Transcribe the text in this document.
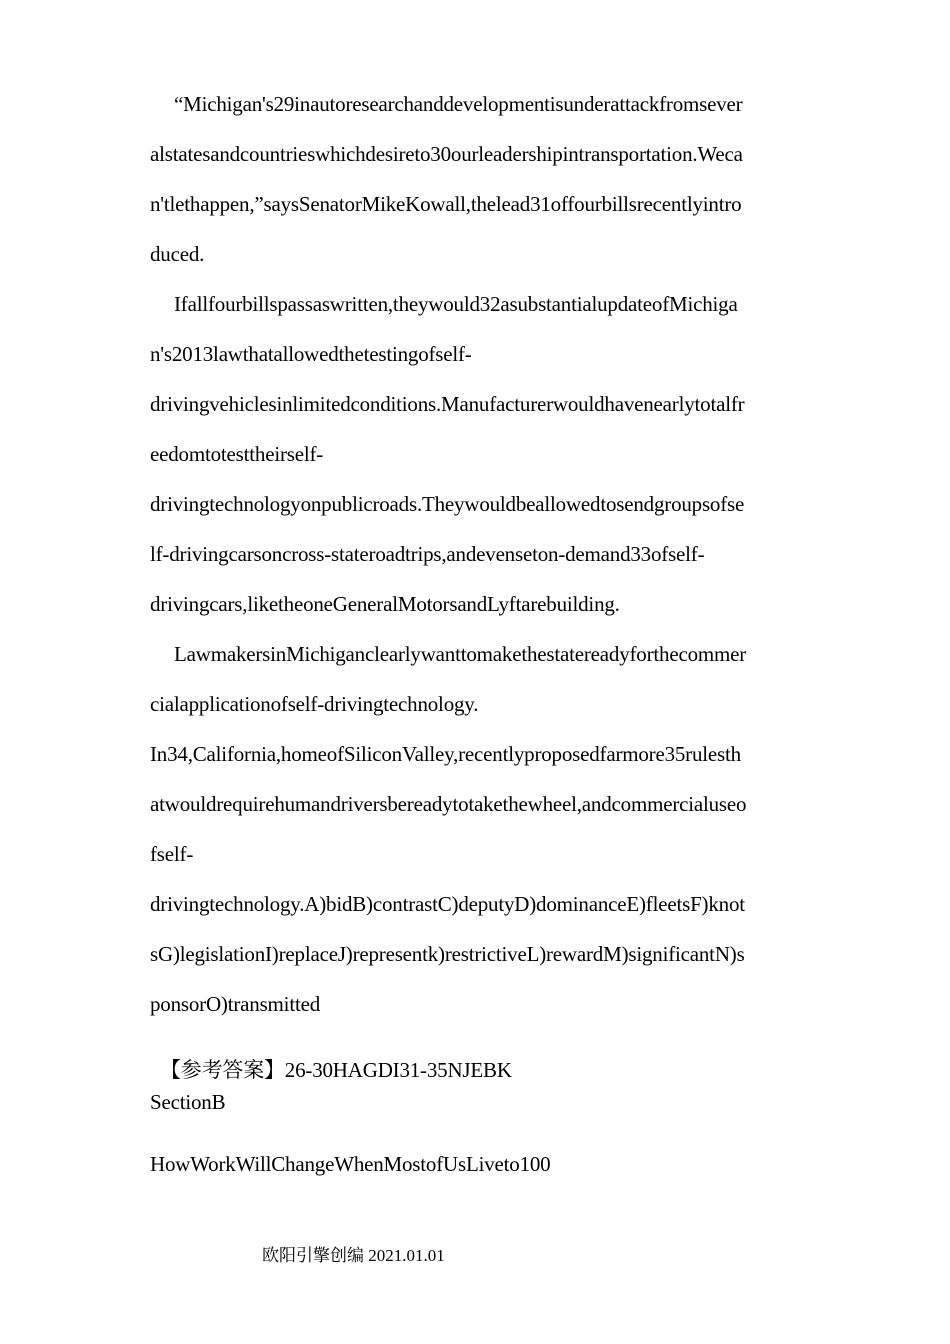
“Michigan's29inautoresearchanddevelopmentisunderattackfromsever
alstatesandcountrieswhichdesireto30ourleadershipintransportation.Weca
n'tlethappen,”saysSenatorMikeKowall,thelead31offourbillsrecentlyintro
duced.
Ifallfourbillspassaswritten,theywould32asubstantialupdateofMichiga
n's2013lawthatallowedthetestingofself-
drivingvehiclesinlimitedconditions.Manufacturerwouldhavenearlytotalfr
eedomtotesttheirself-
drivingtechnologyonpublicroads.Theywouldbeallowedtosendgroupsofse
lf-drivingcarsoncross-stateroadtrips,andevenseton-demand33ofself-
drivingcars,liketheoneGeneralMotorsandLyftarebuilding.
LawmakersinMichiganclearlywanttomakethestatereadyforthecommer
cialapplicationofself-drivingtechnology.
In34,California,homeofSiliconValley,recentlyproposedfarmore35rulesth
atwouldrequirehumandriversbereadytotakethewheel,andcommercialuseo
fself-
drivingtechnology.A)bidB)contrastC)deputyD)dominanceE)fleetsF)knot
sG)legislationI)replaceJ)representk)restrictiveL)rewardM)significantN)s
ponsorO)transmitted
【参考答案】26-30HAGDI31-35NJEBK
SectionB
HowWorkWillChangeWhenMostofUsLiveto100
欧阳引擎创编 2021.01.01
